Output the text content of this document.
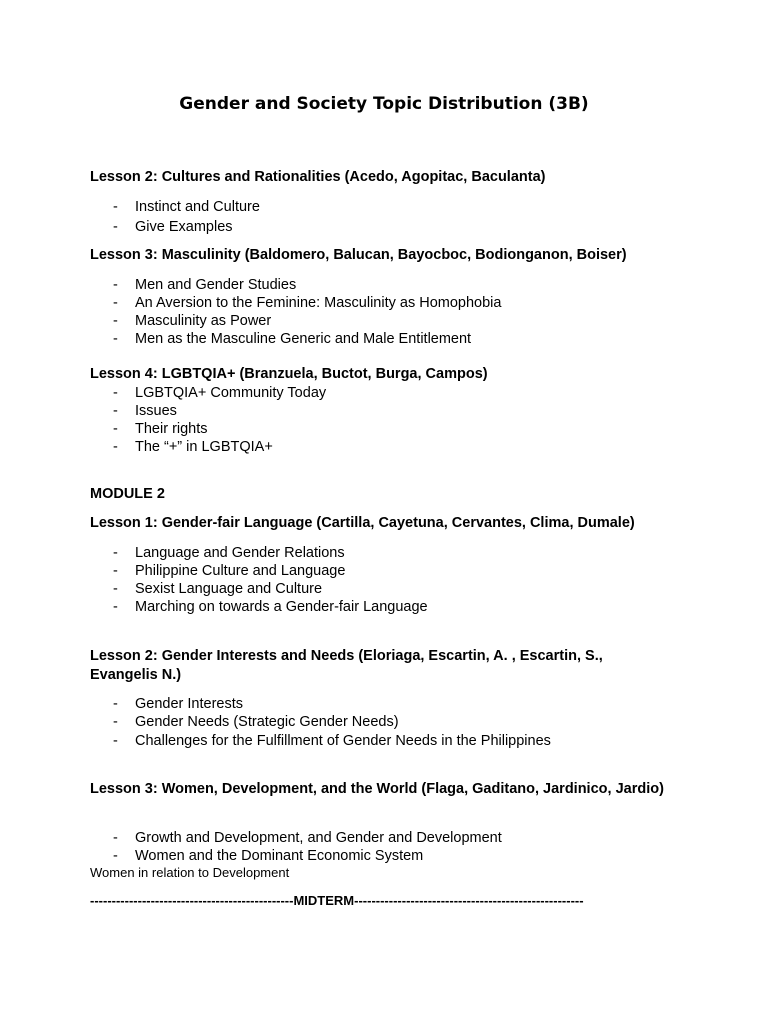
Gender and Society Topic Distribution (3B)
Lesson 2: Cultures and Rationalities (Acedo, Agopitac, Baculanta)
- Instinct and Culture
- Give Examples
Lesson 3: Masculinity (Baldomero, Balucan, Bayocboc, Bodionganon, Boiser)
- Men and Gender Studies
- An Aversion to the Feminine: Masculinity as Homophobia
- Masculinity as Power
- Men as the Masculine Generic and Male Entitlement
Lesson 4: LGBTQIA+ (Branzuela, Buctot, Burga, Campos)
- LGBTQIA+ Community Today
- Issues
- Their rights
- The “+” in LGBTQIA+
MODULE 2
Lesson 1: Gender-fair Language (Cartilla, Cayetuna, Cervantes, Clima, Dumale)
- Language and Gender Relations
- Philippine Culture and Language
- Sexist Language and Culture
- Marching on towards a Gender-fair Language
Lesson 2: Gender Interests and Needs (Eloriaga, Escartin, A. , Escartin, S., Evangelis N.)
- Gender Interests
- Gender Needs (Strategic Gender Needs)
- Challenges for the Fulfillment of Gender Needs in the Philippines
Lesson 3: Women, Development, and the World (Flaga, Gaditano, Jardinico, Jardio)
- Growth and Development, and Gender and Development
- Women and the Dominant Economic System
Women in relation to Development
-----------------------------------------------MIDTERM-----------------------------------------------------
